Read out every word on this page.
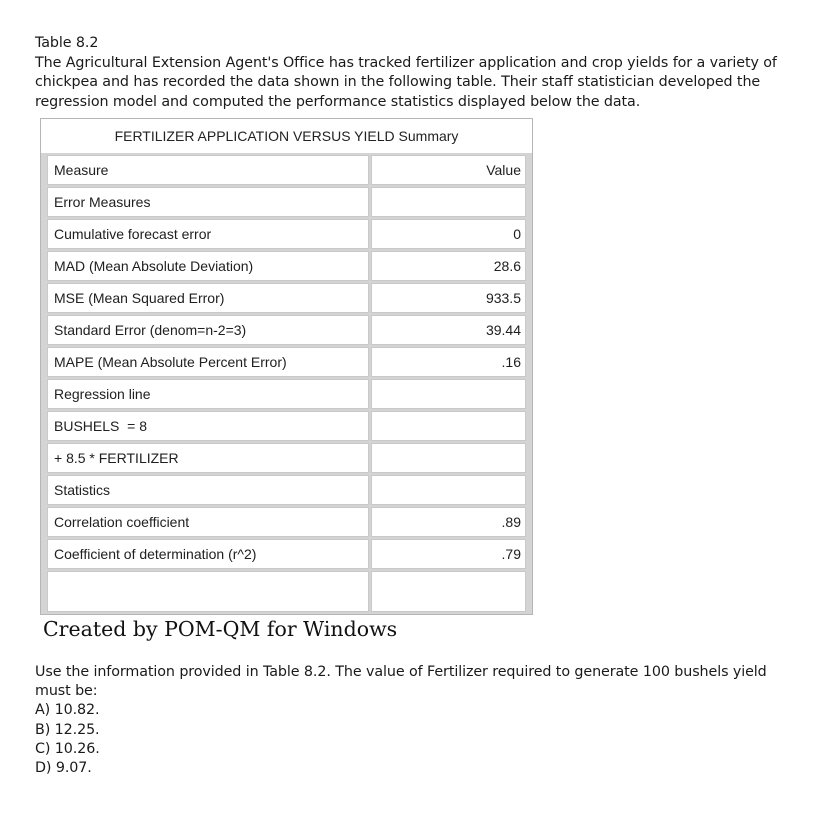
Table 8.2

The Agricultural Extension Agent's Office has tracked fertilizer application and crop yields for a variety of chickpea and has recorded the data shown in the following table. Their staff statistician developed the regression model and computed the performance statistics displayed below the data.

FERTILIZER APPLICATION VERSUS YIELD Summary
Measure	Value
Error Measures	
Cumulative forecast error	0
MAD (Mean Absolute Deviation)	28.6
MSE (Mean Squared Error)	933.5
Standard Error (denom=n-2=3)	39.44
MAPE (Mean Absolute Percent Error)	.16
Regression line	
BUSHELS  = 8	
+ 8.5 * FERTILIZER	
Statistics	
Correlation coefficient	.89
Coefficient of determination (r^2)	.79

Created by POM-QM for Windows

Use the information provided in Table 8.2. The value of Fertilizer required to generate 100 bushels yield must be:

A) 10.82.
B) 12.25.
C) 10.26.
D) 9.07.
